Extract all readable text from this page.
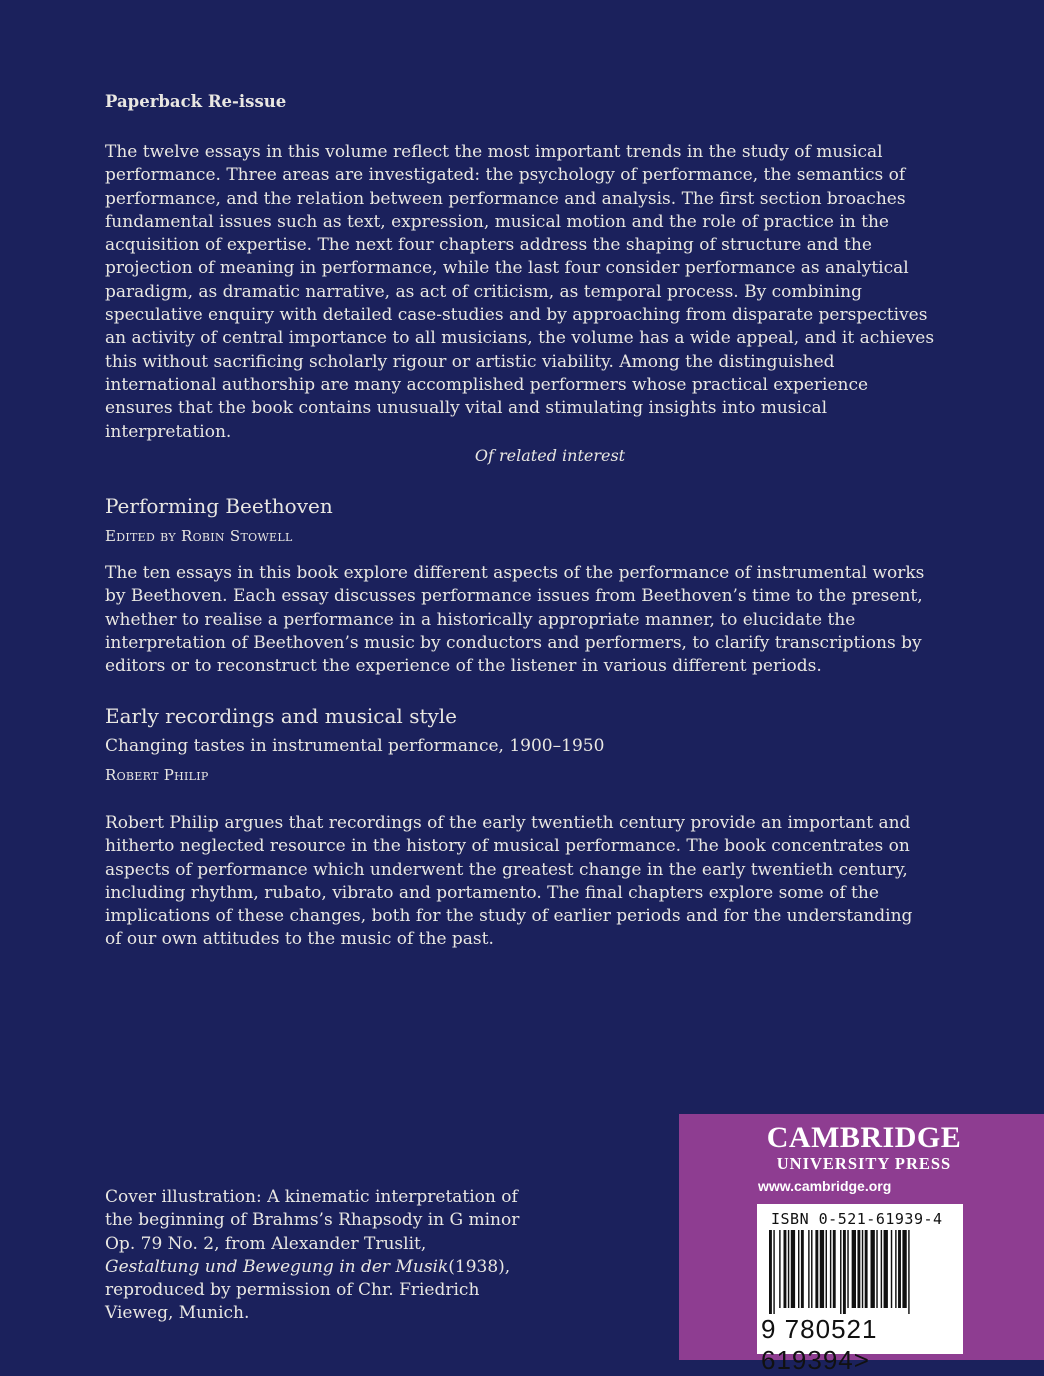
Paperback Re-issue

The twelve essays in this volume reflect the most important trends in the study of musical performance. Three areas are investigated: the psychology of performance, the semantics of performance, and the relation between performance and analysis. The first section broaches fundamental issues such as text, expression, musical motion and the role of practice in the acquisition of expertise. The next four chapters address the shaping of structure and the projection of meaning in performance, while the last four consider performance as analytical paradigm, as dramatic narrative, as act of criticism, as temporal process. By combining speculative enquiry with detailed case-studies and by approaching from disparate perspectives an activity of central importance to all musicians, the volume has a wide appeal, and it achieves this without sacrificing scholarly rigour or artistic viability. Among the distinguished international authorship are many accomplished performers whose practical experience ensures that the book contains unusually vital and stimulating insights into musical interpretation.

Of related interest

Performing Beethoven

Edited by Robin Stowell

The ten essays in this book explore different aspects of the performance of instrumental works by Beethoven. Each essay discusses performance issues from Beethoven’s time to the present, whether to realise a performance in a historically appropriate manner, to elucidate the interpretation of Beethoven’s music by conductors and performers, to clarify transcriptions by editors or to reconstruct the experience of the listener in various different periods.

Early recordings and musical style

Changing tastes in instrumental performance, 1900–1950

Robert Philip

Robert Philip argues that recordings of the early twentieth century provide an important and hitherto neglected resource in the history of musical performance. The book concentrates on aspects of performance which underwent the greatest change in the early twentieth century, including rhythm, rubato, vibrato and portamento. The final chapters explore some of the implications of these changes, both for the study of earlier periods and for the understanding of our own attitudes to the music of the past.

Cover illustration: A kinematic interpretation of the beginning of Brahms’s Rhapsody in G minor Op. 79 No. 2, from Alexander Truslit, Gestaltung und Bewegung in der Musik(1938), reproduced by permission of Chr. Friedrich Vieweg, Munich.
CAMBRIDGE
UNIVERSITY PRESS
www.cambridge.org
ISBN 0-521-61939-4
9 780521 619394>
